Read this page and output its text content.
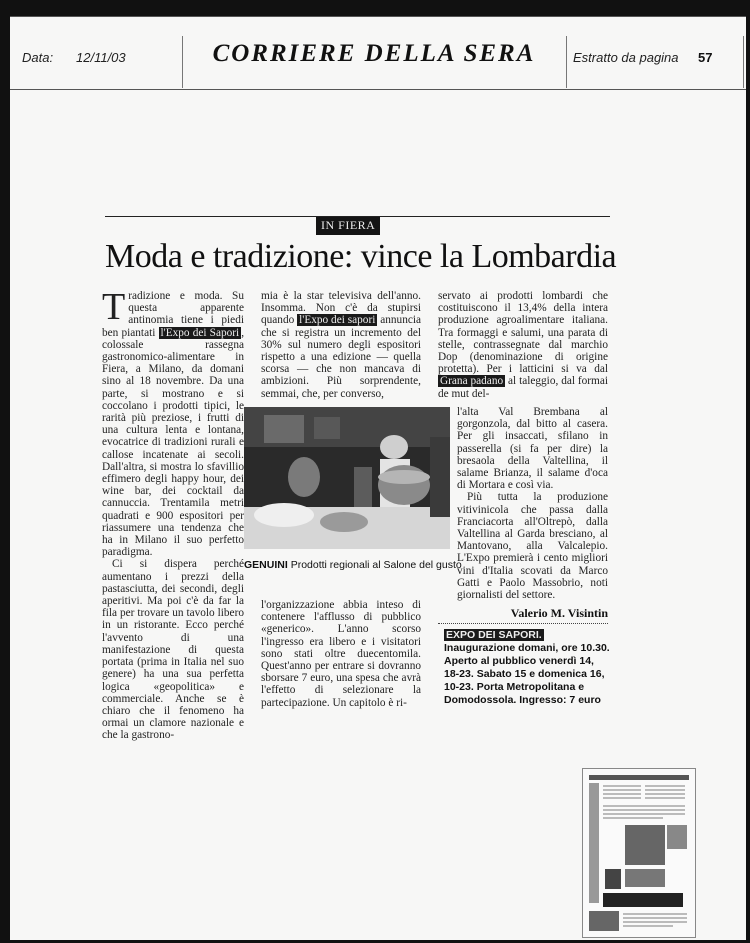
Data: 12/11/03	CORRIERE DELLA SERA	Estratto da pagina 57
IN FIERA
Moda e tradizione: vince la Lombardia

Tradizione e moda. Su questa apparente antinomia tiene i piedi ben piantati l'Expo dei Sapori , colossale rassegna gastronomico-alimentare in Fiera, a Milano, da domani sino al 18 novembre. Da una parte, si mostrano e si coccolano i prodotti tipici, le rarità più preziose, i frutti di una cultura lenta e lontana, evocatrice di tradizioni rurali e callose incatenate ai secoli. Dall'altra, si mostra lo sfavillio effimero degli happy hour, dei wine bar, dei cocktail da cannuccia. Trentamila metri quadrati e 900 espositori per riassumere una tendenza che ha in Milano il suo perfetto paradigma.

Ci si dispera perché aumentano i prezzi della pastasciutta, dei secondi, degli aperitivi. Ma poi c'è da far la fila per trovare un tavolo libero in un ristorante. Ecco perché l'avvento di una manifestazione di questa portata (prima in Italia nel suo genere) ha una sua perfetta logica «geopolitica» e commerciale. Anche se è chiaro che il fenomeno ha ormai un clamore nazionale e che la gastrono-

mia è la star televisiva dell'anno. Insomma. Non c'è da stupirsi quando l'Expo dei sapori annuncia che si registra un incremento del 30% sul numero degli espositori rispetto a una edizione — quella scorsa — che non mancava di ambizioni. Più sorprendente, semmai, che, per converso,

servato ai prodotti lombardi che costituiscono il 13,4% della intera produzione agroalimentare italiana. Tra formaggi e salumi, una parata di stelle, contrassegnate dal marchio Dop (denominazione di origine protetta). Per i latticini si va dal Grana padano al taleggio, dal formai de mut del-

GENUINI Prodotti regionali al Salone del gusto

l'organizzazione abbia inteso di contenere l'afflusso di pubblico «generico». L'anno scorso l'ingresso era libero e i visitatori sono stati oltre duecentomila. Quest'anno per entrare si dovranno sborsare 7 euro, una spesa che avrà l'effetto di selezionare la partecipazione. Un capitolo è ri-

l'alta Val Brembana al gorgonzola, dal bitto al casera. Per gli insaccati, sfilano in passerella (si fa per dire) la bresaola della Valtellina, il salame Brianza, il salame d'oca di Mortara e così via.

Più tutta la produzione vitivinicola che passa dalla Franciacorta all'Oltrepò, dalla Valtellina al Garda bresciano, al Mantovano, alla Valcalepio. L'Expo premierà i cento migliori vini d'Italia scovati da Marco Gatti e Paolo Massobrio, noti giornalisti del settore.

Valerio M. Visintin
EXPO DEI SAPORI. Inaugurazione domani, ore 10.30. Aperto al pubblico venerdì 14, 18-23. Sabato 15 e domenica 16, 10-23. Porta Metropolitana e Domodossola. Ingresso: 7 euro
